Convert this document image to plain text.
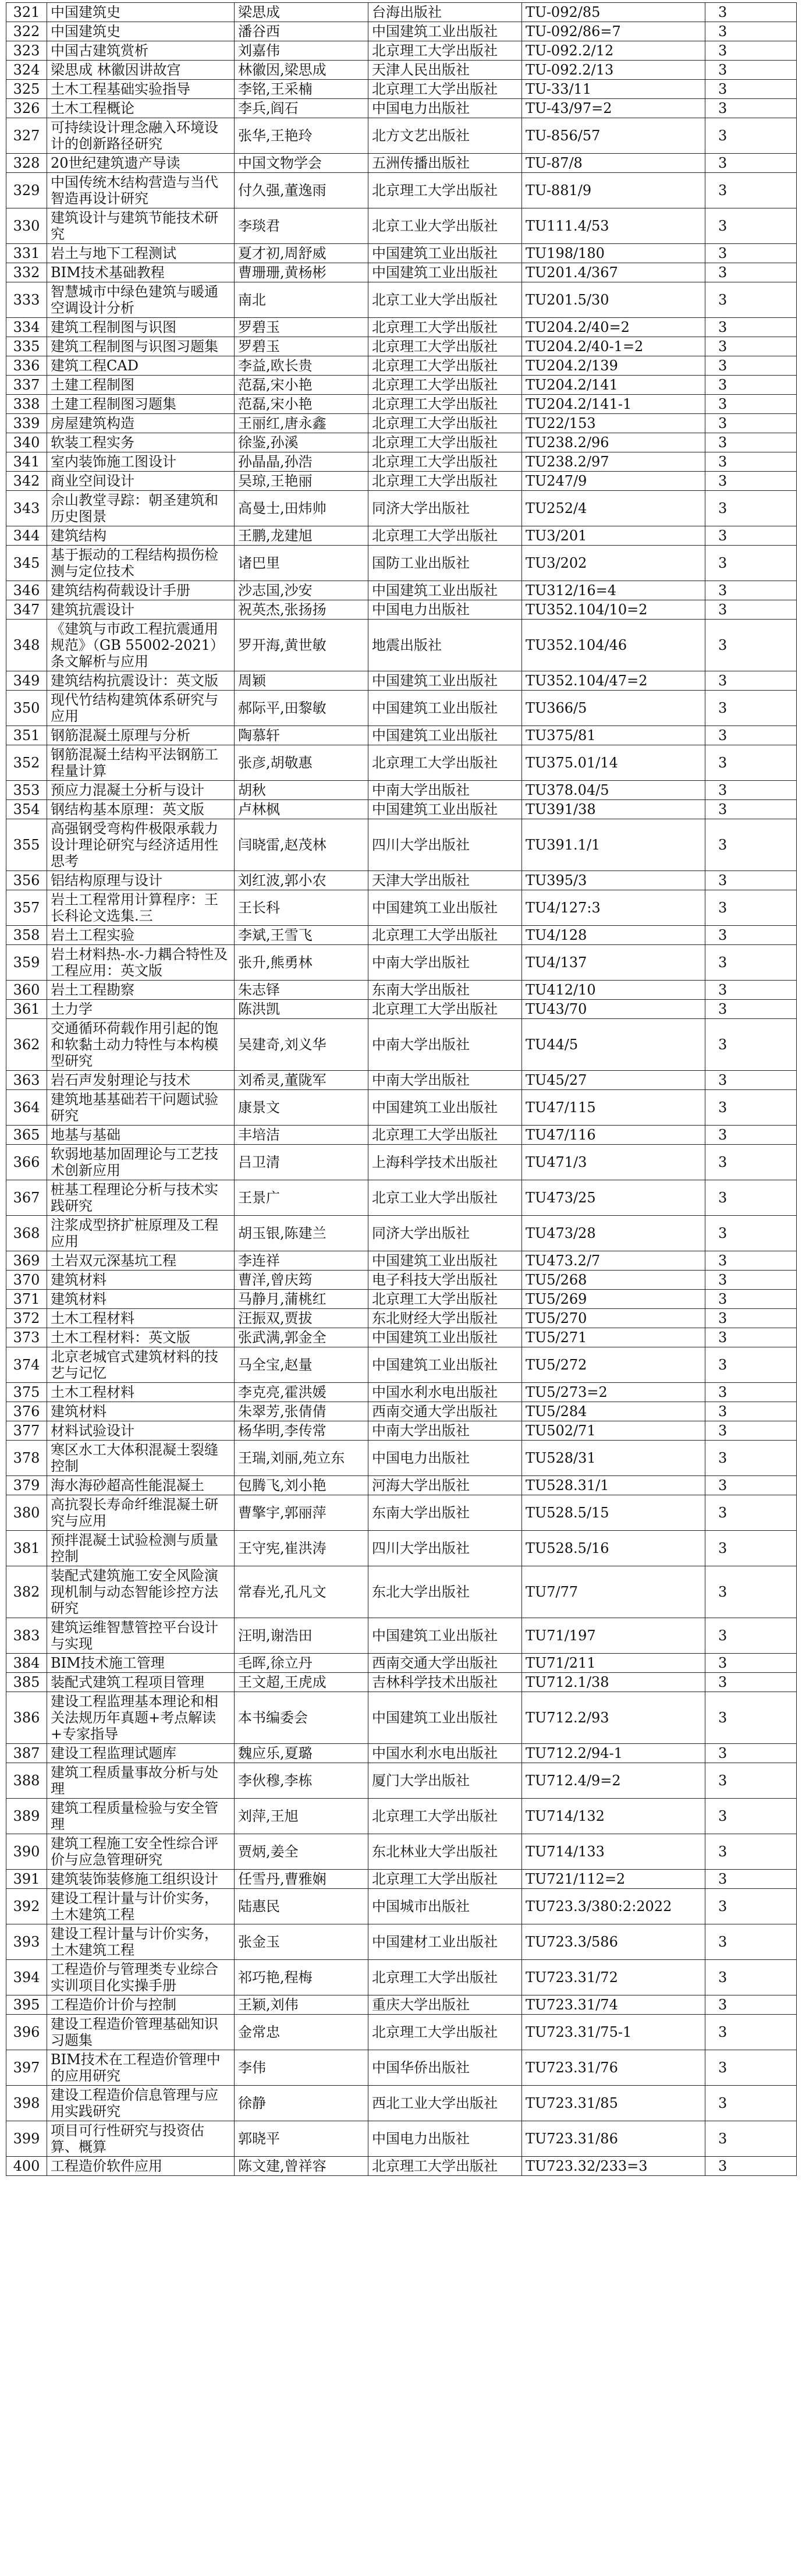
321	中国建筑史	梁思成	台海出版社	TU-092/85	3
322	中国建筑史	潘谷西	中国建筑工业出版社	TU-092/86=7	3
323	中国古建筑赏析	刘嘉伟	北京理工大学出版社	TU-092.2/12	3
324	梁思成 林徽因讲故宫	林徽因,梁思成	天津人民出版社	TU-092.2/13	3
325	土木工程基础实验指导	李铭,王采楠	北京理工大学出版社	TU-33/11	3
326	土木工程概论	李兵,阎石	中国电力出版社	TU-43/97=2	3
327	可持续设计理念融入环境设计的创新路径研究	张华,王艳玲	北方文艺出版社	TU-856/57	3
328	20世纪建筑遗产导读	中国文物学会	五洲传播出版社	TU-87/8	3
329	中国传统木结构营造与当代智造再设计研究	付久强,董逸雨	北京理工大学出版社	TU-881/9	3
330	建筑设计与建筑节能技术研究	李琰君	北京工业大学出版社	TU111.4/53	3
331	岩土与地下工程测试	夏才初,周舒威	中国建筑工业出版社	TU198/180	3
332	BIM技术基础教程	曹珊珊,黄杨彬	中国建筑工业出版社	TU201.4/367	3
333	智慧城市中绿色建筑与暖通空调设计分析	南北	北京工业大学出版社	TU201.5/30	3
334	建筑工程制图与识图	罗碧玉	北京理工大学出版社	TU204.2/40=2	3
335	建筑工程制图与识图习题集	罗碧玉	北京理工大学出版社	TU204.2/40-1=2	3
336	建筑工程CAD	李益,欧长贵	北京理工大学出版社	TU204.2/139	3
337	土建工程制图	范磊,宋小艳	北京理工大学出版社	TU204.2/141	3
338	土建工程制图习题集	范磊,宋小艳	北京理工大学出版社	TU204.2/141-1	3
339	房屋建筑构造	王丽红,唐永鑫	北京理工大学出版社	TU22/153	3
340	软装工程实务	徐鉴,孙溪	北京理工大学出版社	TU238.2/96	3
341	室内装饰施工图设计	孙晶晶,孙浩	北京理工大学出版社	TU238.2/97	3
342	商业空间设计	吴琼,王艳丽	北京理工大学出版社	TU247/9	3
343	佘山教堂寻踪：朝圣建筑和历史图景	高曼士,田炜帅	同济大学出版社	TU252/4	3
344	建筑结构	王鹏,龙建旭	北京理工大学出版社	TU3/201	3
345	基于振动的工程结构损伤检测与定位技术	诸巴里	国防工业出版社	TU3/202	3
346	建筑结构荷载设计手册	沙志国,沙安	中国建筑工业出版社	TU312/16=4	3
347	建筑抗震设计	祝英杰,张扬扬	中国电力出版社	TU352.104/10=2	3
348	《建筑与市政工程抗震通用规范》（GB 55002-2021）条文解析与应用	罗开海,黄世敏	地震出版社	TU352.104/46	3
349	建筑结构抗震设计：英文版	周颖	中国建筑工业出版社	TU352.104/47=2	3
350	现代竹结构建筑体系研究与应用	郝际平,田黎敏	中国建筑工业出版社	TU366/5	3
351	钢筋混凝土原理与分析	陶慕轩	中国建筑工业出版社	TU375/81	3
352	钢筋混凝土结构平法钢筋工程量计算	张彦,胡敬惠	北京理工大学出版社	TU375.01/14	3
353	预应力混凝土分析与设计	胡秋	中南大学出版社	TU378.04/5	3
354	钢结构基本原理：英文版	卢林枫	中国建筑工业出版社	TU391/38	3
355	高强钢受弯构件极限承载力设计理论研究与经济适用性思考	闫晓雷,赵茂林	四川大学出版社	TU391.1/1	3
356	铝结构原理与设计	刘红波,郭小农	天津大学出版社	TU395/3	3
357	岩土工程常用计算程序：王长科论文选集.三	王长科	中国建筑工业出版社	TU4/127:3	3
358	岩土工程实验	李斌,王雪飞	北京理工大学出版社	TU4/128	3
359	岩土材料热-水-力耦合特性及工程应用：英文版	张升,熊勇林	中南大学出版社	TU4/137	3
360	岩土工程勘察	朱志铎	东南大学出版社	TU412/10	3
361	土力学	陈洪凯	北京理工大学出版社	TU43/70	3
362	交通循环荷载作用引起的饱和软黏土动力特性与本构模型研究	吴建奇,刘义华	中南大学出版社	TU44/5	3
363	岩石声发射理论与技术	刘希灵,董陇军	中南大学出版社	TU45/27	3
364	建筑地基基础若干问题试验研究	康景文	中国建筑工业出版社	TU47/115	3
365	地基与基础	丰培洁	北京理工大学出版社	TU47/116	3
366	软弱地基加固理论与工艺技术创新应用	吕卫清	上海科学技术出版社	TU471/3	3
367	桩基工程理论分析与技术实践研究	王景广	北京工业大学出版社	TU473/25	3
368	注浆成型挤扩桩原理及工程应用	胡玉银,陈建兰	同济大学出版社	TU473/28	3
369	土岩双元深基坑工程	李连祥	中国建筑工业出版社	TU473.2/7	3
370	建筑材料	曹洋,曾庆筠	电子科技大学出版社	TU5/268	3
371	建筑材料	马静月,蒲桃红	北京理工大学出版社	TU5/269	3
372	土木工程材料	汪振双,贾拔	东北财经大学出版社	TU5/270	3
373	土木工程材料：英文版	张武满,郭金全	中国建筑工业出版社	TU5/271	3
374	北京老城官式建筑材料的技艺与记忆	马全宝,赵量	中国建筑工业出版社	TU5/272	3
375	土木工程材料	李克亮,霍洪媛	中国水利水电出版社	TU5/273=2	3
376	建筑材料	朱翠芳,张倩倩	西南交通大学出版社	TU5/284	3
377	材料试验设计	杨华明,李传常	中南大学出版社	TU502/71	3
378	寒区水工大体积混凝土裂缝控制	王瑞,刘丽,苑立东	中国电力出版社	TU528/31	3
379	海水海砂超高性能混凝土	包腾飞,刘小艳	河海大学出版社	TU528.31/1	3
380	高抗裂长寿命纤维混凝土研究与应用	曹擎宇,郭丽萍	东南大学出版社	TU528.5/15	3
381	预拌混凝土试验检测与质量控制	王守宪,崔洪涛	四川大学出版社	TU528.5/16	3
382	装配式建筑施工安全风险演现机制与动态智能诊控方法研究	常春光,孔凡文	东北大学出版社	TU7/77	3
383	建筑运维智慧管控平台设计与实现	汪明,谢浩田	中国建筑工业出版社	TU71/197	3
384	BIM技术施工管理	毛晖,徐立丹	西南交通大学出版社	TU71/211	3
385	装配式建筑工程项目管理	王文超,王虎成	吉林科学技术出版社	TU712.1/38	3
386	建设工程监理基本理论和相关法规历年真题+考点解读+专家指导	本书编委会	中国建筑工业出版社	TU712.2/93	3
387	建设工程监理试题库	魏应乐,夏璐	中国水利水电出版社	TU712.2/94-1	3
388	建筑工程质量事故分析与处理	李伙穆,李栋	厦门大学出版社	TU712.4/9=2	3
389	建筑工程质量检验与安全管理	刘萍,王旭	北京理工大学出版社	TU714/132	3
390	建筑工程施工安全性综合评价与应急管理研究	贾炳,姜全	东北林业大学出版社	TU714/133	3
391	建筑装饰装修施工组织设计	任雪丹,曹雅娴	北京理工大学出版社	TU721/112=2	3
392	建设工程计量与计价实务，土木建筑工程	陆惠民	中国城市出版社	TU723.3/380:2:2022	3
393	建设工程计量与计价实务，土木建筑工程	张金玉	中国建材工业出版社	TU723.3/586	3
394	工程造价与管理类专业综合实训项目化实操手册	祁巧艳,程梅	北京理工大学出版社	TU723.31/72	3
395	工程造价计价与控制	王颖,刘伟	重庆大学出版社	TU723.31/74	3
396	建设工程造价管理基础知识习题集	金常忠	北京理工大学出版社	TU723.31/75-1	3
397	BIM技术在工程造价管理中的应用研究	李伟	中国华侨出版社	TU723.31/76	3
398	建设工程造价信息管理与应用实践研究	徐静	西北工业大学出版社	TU723.31/85	3
399	项目可行性研究与投资估算、概算	郭晓平	中国电力出版社	TU723.31/86	3
400	工程造价软件应用	陈文建,曾祥容	北京理工大学出版社	TU723.32/233=3	3
